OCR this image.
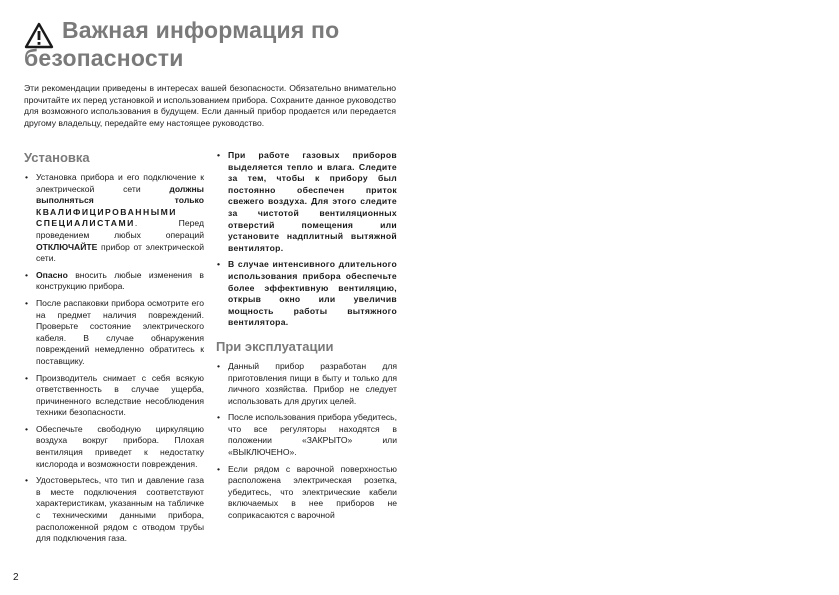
Важная информация по
безопасности

Эти рекомендации приведены в интересах вашей безопасности. Обязательно внимательно прочитайте их перед установкой и использованием прибора. Сохраните данное руководство для возможного использования в будущем. Если данный прибор продается или передается другому владельцу, передайте ему настоящее руководство.

Установка
• Установка прибора и его подключение к электрической сети должны выполняться только КВАЛИФИЦИРОВАННЫМИ СПЕЦИАЛИСТАМИ. Перед проведением любых операций ОТКЛЮЧАЙТЕ прибор от электрической сети.
• Опасно вносить любые изменения в конструкцию прибора.
• После распаковки прибора осмотрите его на предмет наличия повреждений. Проверьте состояние электрического кабеля. В случае обнаружения повреждений немедленно обратитесь к поставщику.
• Производитель снимает с себя всякую ответственность в случае ущерба, причиненного вследствие несоблюдения техники безопасности.
• Обеспечьте свободную циркуляцию воздуха вокруг прибора. Плохая вентиляция приведет к недостатку кислорода и возможности повреждения.
• Удостоверьтесь, что тип и давление газа в месте подключения соответствуют характеристикам, указанным на табличке с техническими данными прибора, расположенной рядом с отводом трубы для подключения газа.
• При работе газовых приборов выделяется тепло и влага. Следите за тем, чтобы к прибору был постоянно обеспечен приток свежего воздуха. Для этого следите за чистотой вентиляционных отверстий помещения или установите надплитный вытяжной вентилятор.
• В случае интенсивного длительного использования прибора обеспечьте более эффективную вентиляцию, открыв окно или увеличив мощность работы вытяжного вентилятора.
При эксплуатации
• Данный прибор разработан для приготовления пищи в быту и только для личного хозяйства. Прибор не следует использовать для других целей.
• После использования прибора убедитесь, что все регуляторы находятся в положении «ЗАКРЫТО» или «ВЫКЛЮЧЕНО».
• Если рядом с варочной поверхностью расположена электрическая розетка, убедитесь, что электрические кабели включаемых в нее приборов не соприкасаются с варочной
2
